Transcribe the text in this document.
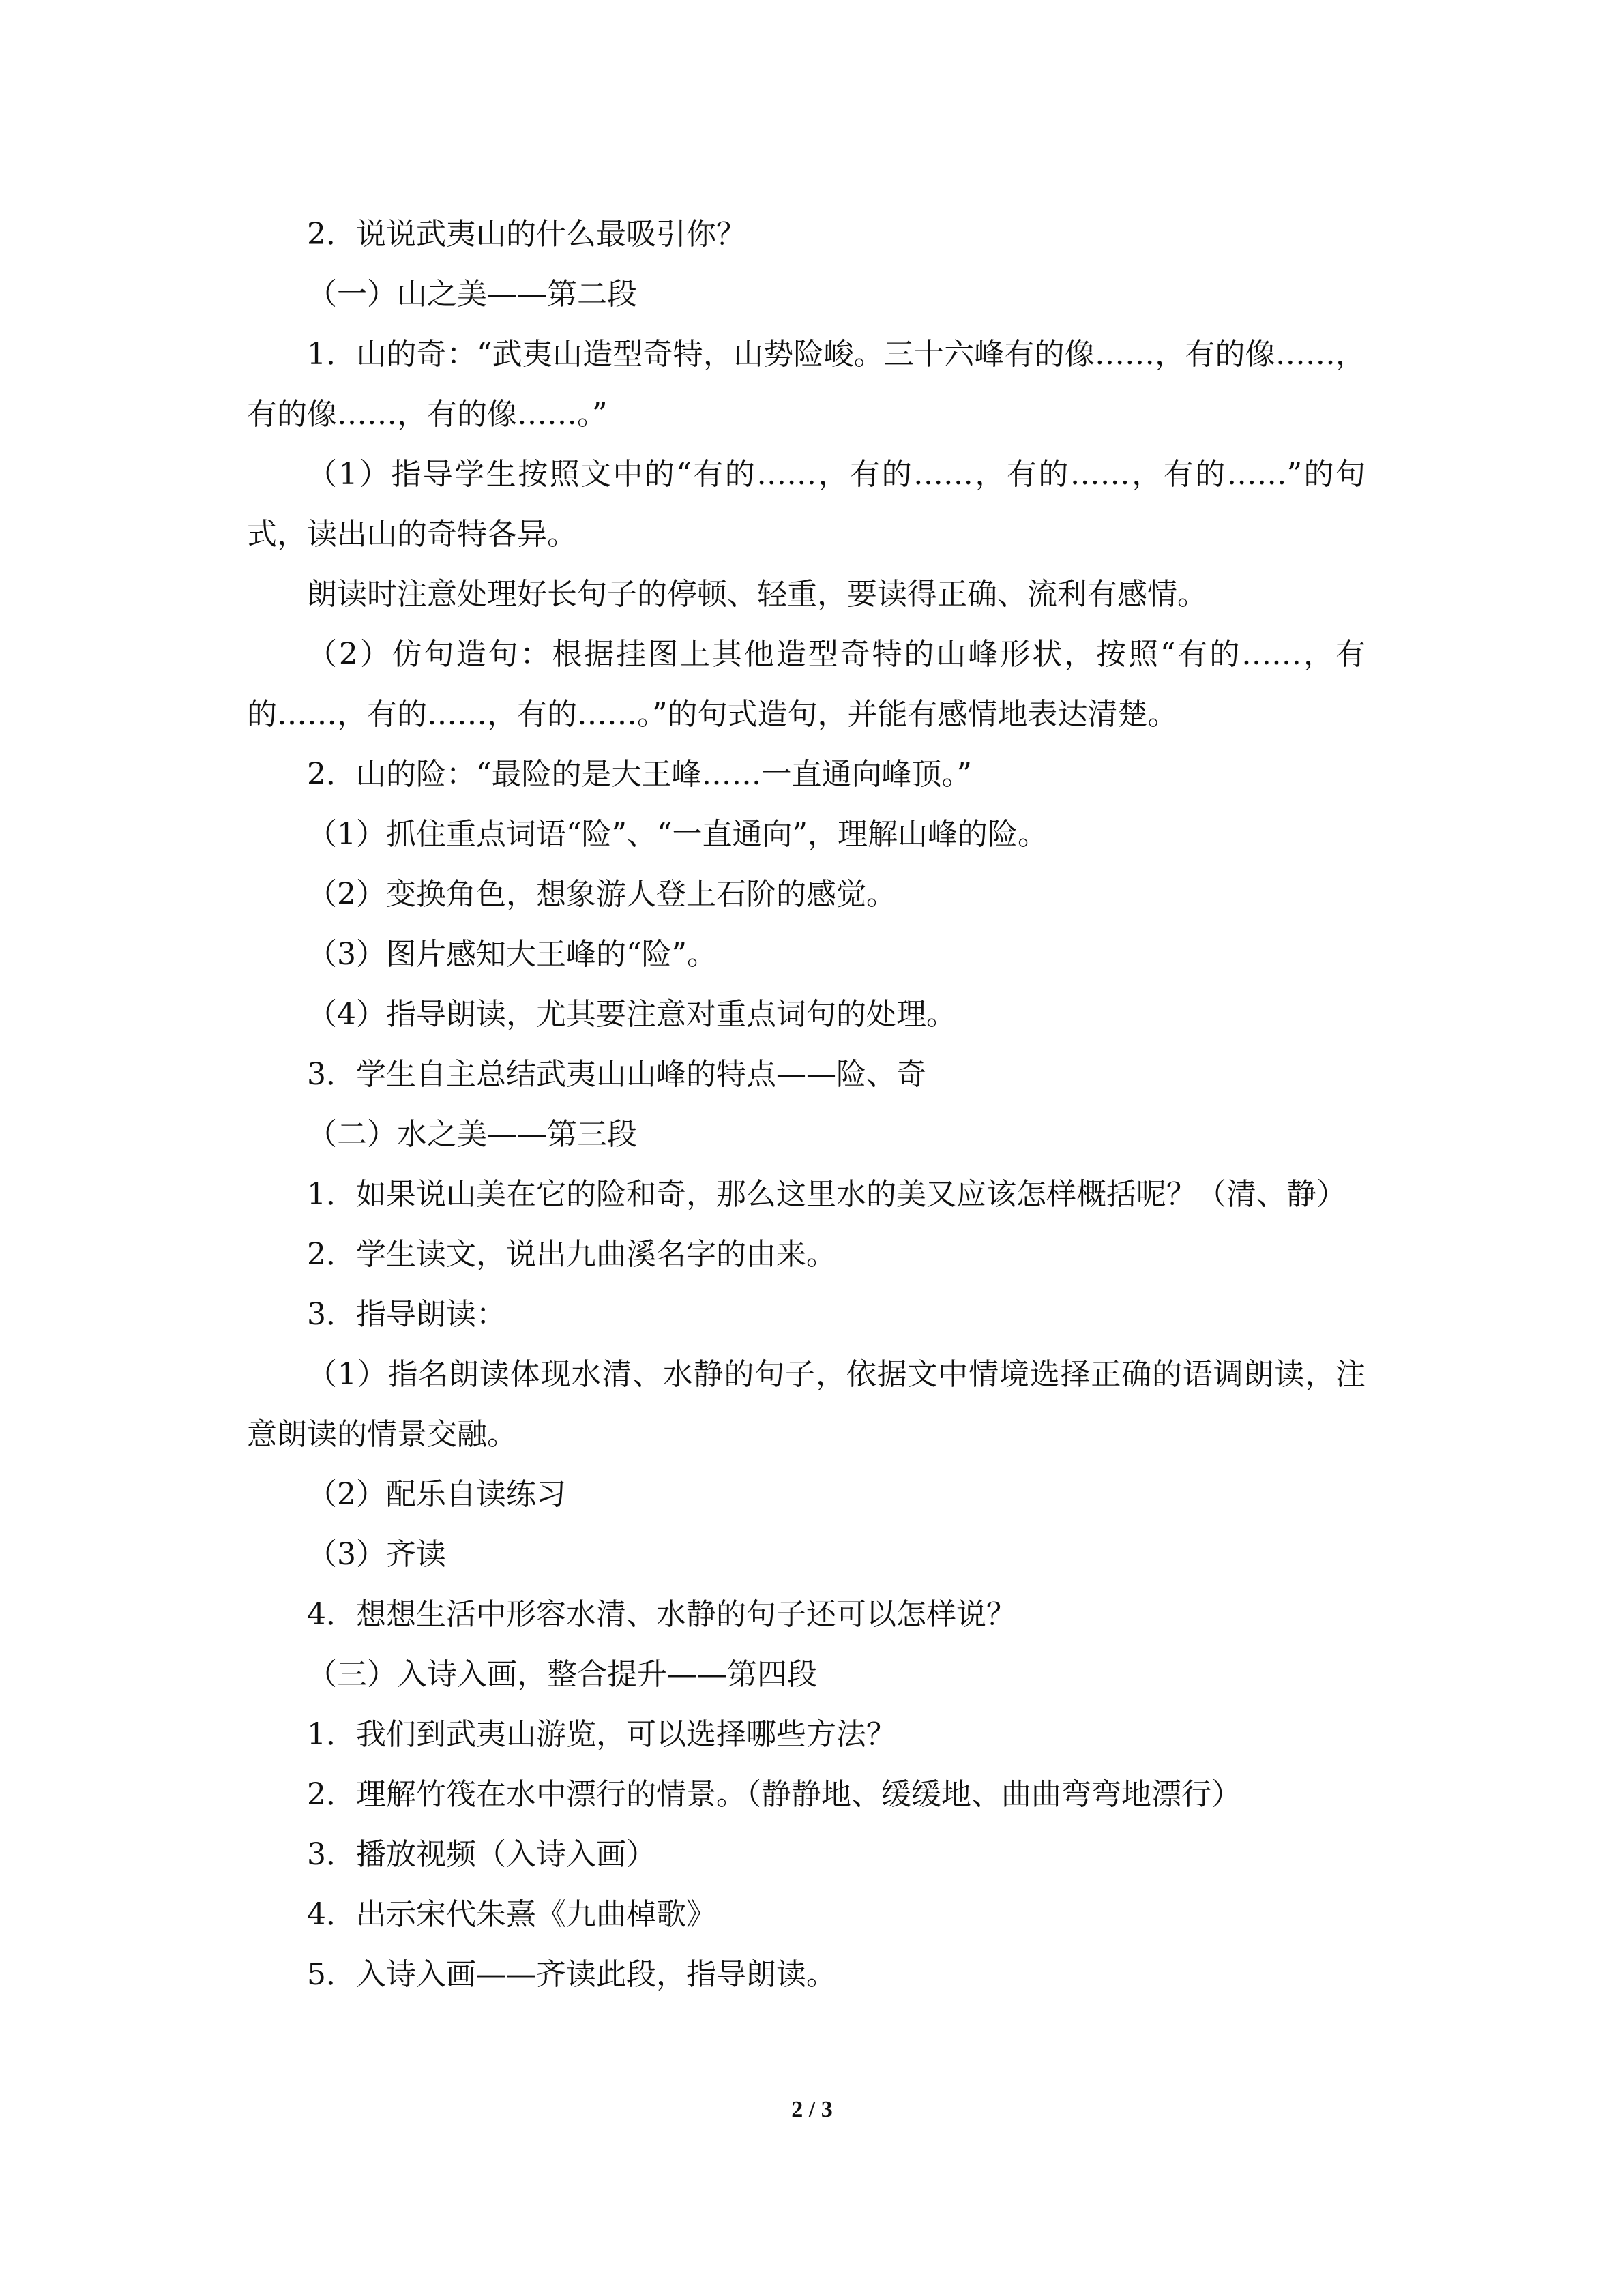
2．说说武夷山的什么最吸引你？

（一）山之美——第二段

1．山的奇：“武夷山造型奇特，山势险峻。三十六峰有的像……，有的像……，有的像……，有的像……。”

（1）指导学生按照文中的“有的……，有的……，有的……，有的……”的句式，读出山的奇特各异。

朗读时注意处理好长句子的停顿、轻重，要读得正确、流利有感情。

（2）仿句造句：根据挂图上其他造型奇特的山峰形状，按照“有的……，有的……，有的……，有的……。”的句式造句，并能有感情地表达清楚。

2．山的险：“最险的是大王峰……一直通向峰顶。”

（1）抓住重点词语“险”、“一直通向”，理解山峰的险。

（2）变换角色，想象游人登上石阶的感觉。

（3）图片感知大王峰的“险”。

（4）指导朗读，尤其要注意对重点词句的处理。

3．学生自主总结武夷山山峰的特点——险、奇

（二）水之美——第三段

1．如果说山美在它的险和奇，那么这里水的美又应该怎样概括呢？（清、静）

2．学生读文，说出九曲溪名字的由来。

3．指导朗读：

（1）指名朗读体现水清、水静的句子，依据文中情境选择正确的语调朗读，注意朗读的情景交融。

（2）配乐自读练习

（3）齐读

4．想想生活中形容水清、水静的句子还可以怎样说？

（三）入诗入画，整合提升——第四段

1．我们到武夷山游览，可以选择哪些方法？

2．理解竹筏在水中漂行的情景。（静静地、缓缓地、曲曲弯弯地漂行）

3．播放视频（入诗入画）

4．出示宋代朱熹《九曲棹歌》

5．入诗入画——齐读此段，指导朗读。

2 / 3
